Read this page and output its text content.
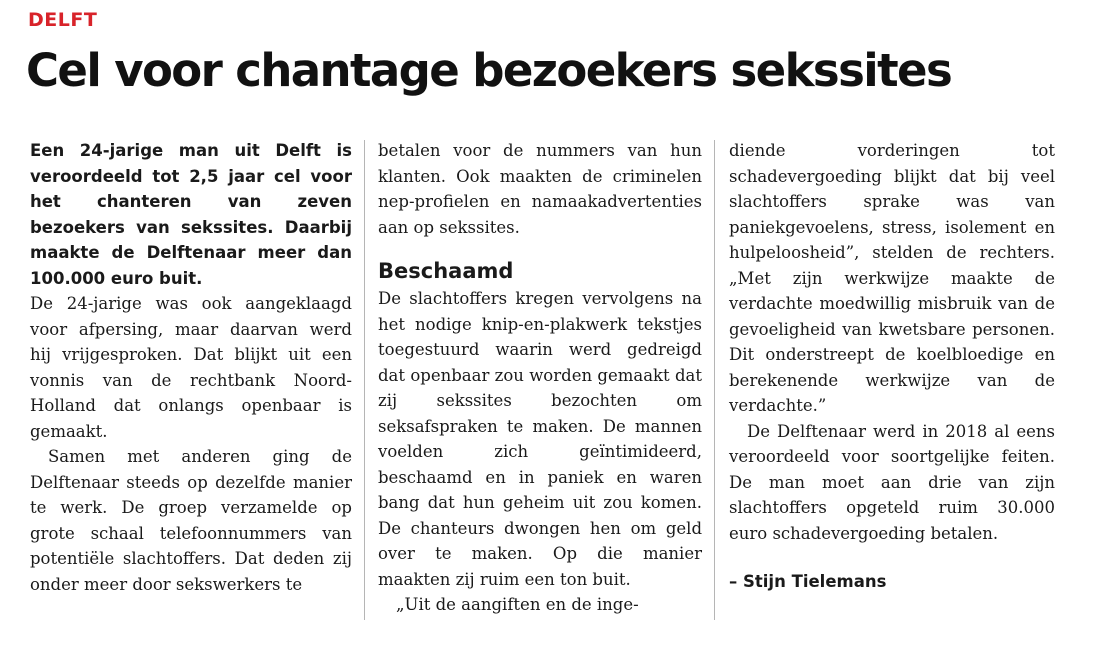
DELFT
Cel voor chantage bezoekers sekssites

Een 24-jarige man uit Delft is veroordeeld tot 2,5 jaar cel voor het chanteren van zeven bezoekers van sekssites. Daarbij maakte de Delftenaar meer dan 100.000 euro buit.

De 24-jarige was ook aangeklaagd voor afpersing, maar daarvan werd hij vrijgesproken. Dat blijkt uit een vonnis van de rechtbank Noord-Holland dat onlangs openbaar is gemaakt.

Samen met anderen ging de Delftenaar steeds op dezelfde manier te werk. De groep verzamelde op grote schaal telefoonnummers van potentiële slachtoffers. Dat deden zij onder meer door sekswerkers te

betalen voor de nummers van hun klanten. Ook maakten de criminelen nep-profielen en namaakadvertenties aan op sekssites.

Beschaamd

De slachtoffers kregen vervolgens na het nodige knip-en-plakwerk tekstjes toegestuurd waarin werd gedreigd dat openbaar zou worden gemaakt dat zij sekssites bezochten om seksafspraken te maken. De mannen voelden zich geïntimideerd, beschaamd en in paniek en waren bang dat hun geheim uit zou komen. De chanteurs dwongen hen om geld over te maken. Op die manier maakten zij ruim een ton buit.

„Uit de aangiften en de inge-

diende vorderingen tot schadevergoeding blijkt dat bij veel slachtoffers sprake was van paniekgevoelens, stress, isolement en hulpeloosheid”, stelden de rechters. „Met zijn werkwijze maakte de verdachte moedwillig misbruik van de gevoeligheid van kwetsbare personen. Dit onderstreept de koelbloedige en berekenende werkwijze van de verdachte.”

De Delftenaar werd in 2018 al eens veroordeeld voor soortgelijke feiten. De man moet aan drie van zijn slachtoffers opgeteld ruim 30.000 euro schadevergoeding betalen.

– Stijn Tielemans
